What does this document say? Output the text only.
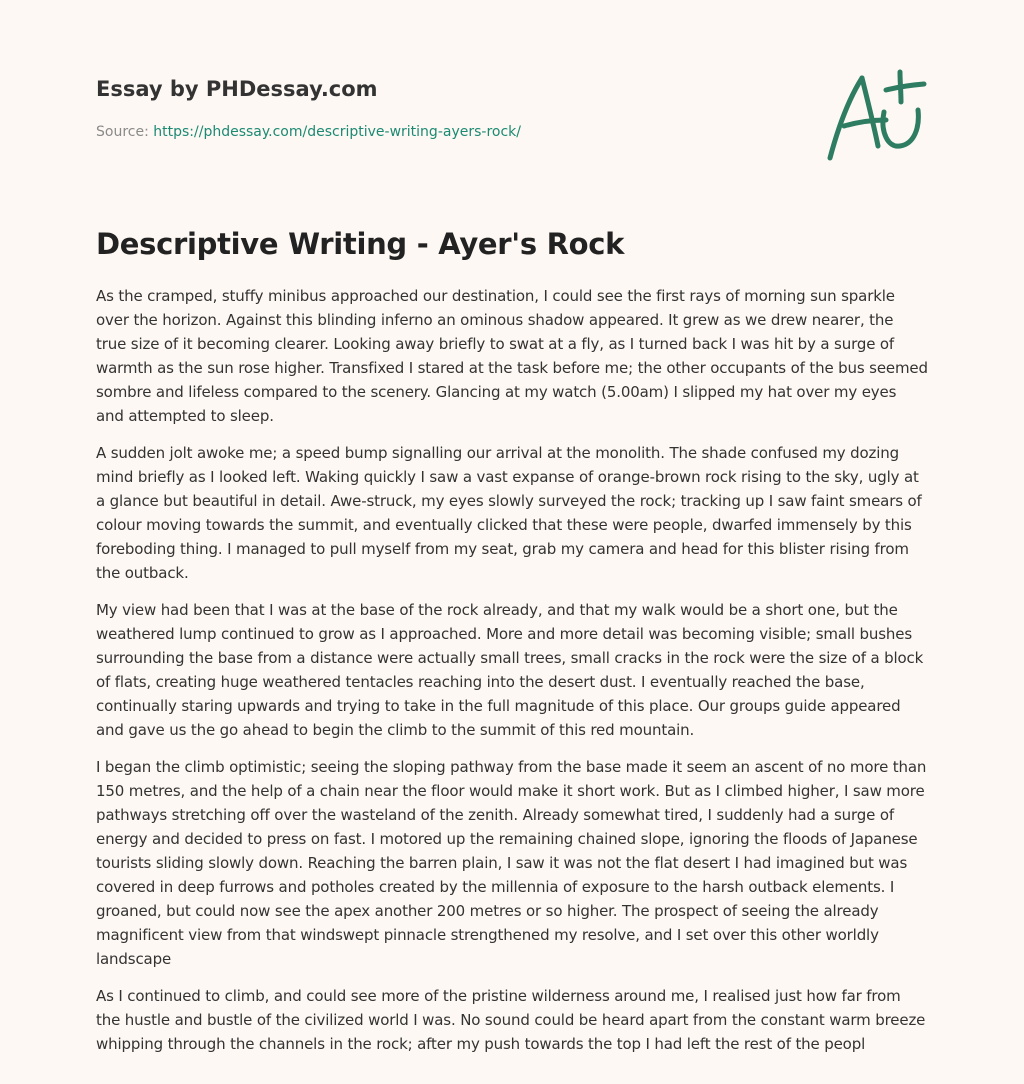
Essay by PHDessay.com
Source: https://phdessay.com/descriptive-writing-ayers-rock/
Descriptive Writing - Ayer's Rock

As the cramped, stuffy minibus approached our destination, I could see the first rays of morning sun sparkle over the horizon. Against this blinding inferno an ominous shadow appeared. It grew as we drew nearer, the true size of it becoming clearer. Looking away briefly to swat at a fly, as I turned back I was hit by a surge of warmth as the sun rose higher. Transfixed I stared at the task before me; the other occupants of the bus seemed sombre and lifeless compared to the scenery. Glancing at my watch (5.00am) I slipped my hat over my eyes and attempted to sleep.

A sudden jolt awoke me; a speed bump signalling our arrival at the monolith. The shade confused my dozing mind briefly as I looked left. Waking quickly I saw a vast expanse of orange-brown rock rising to the sky, ugly at a glance but beautiful in detail. Awe-struck, my eyes slowly surveyed the rock; tracking up I saw faint smears of colour moving towards the summit, and eventually clicked that these were people, dwarfed immensely by this foreboding thing. I managed to pull myself from my seat, grab my camera and head for this blister rising from the outback.

My view had been that I was at the base of the rock already, and that my walk would be a short one, but the weathered lump continued to grow as I approached. More and more detail was becoming visible; small bushes surrounding the base from a distance were actually small trees, small cracks in the rock were the size of a block of flats, creating huge weathered tentacles reaching into the desert dust. I eventually reached the base, continually staring upwards and trying to take in the full magnitude of this place. Our groups guide appeared and gave us the go ahead to begin the climb to the summit of this red mountain.

I began the climb optimistic; seeing the sloping pathway from the base made it seem an ascent of no more than 150 metres, and the help of a chain near the floor would make it short work. But as I climbed higher, I saw more pathways stretching off over the wasteland of the zenith. Already somewhat tired, I suddenly had a surge of energy and decided to press on fast. I motored up the remaining chained slope, ignoring the floods of Japanese tourists sliding slowly down. Reaching the barren plain, I saw it was not the flat desert I had imagined but was covered in deep furrows and potholes created by the millennia of exposure to the harsh outback elements. I groaned, but could now see the apex another 200 metres or so higher. The prospect of seeing the already magnificent view from that windswept pinnacle strengthened my resolve, and I set over this other worldly landscape

As I continued to climb, and could see more of the pristine wilderness around me, I realised just how far from the hustle and bustle of the civilized world I was. No sound could be heard apart from the constant warm breeze whipping through the channels in the rock; after my push towards the top I had left the rest of the peopl
